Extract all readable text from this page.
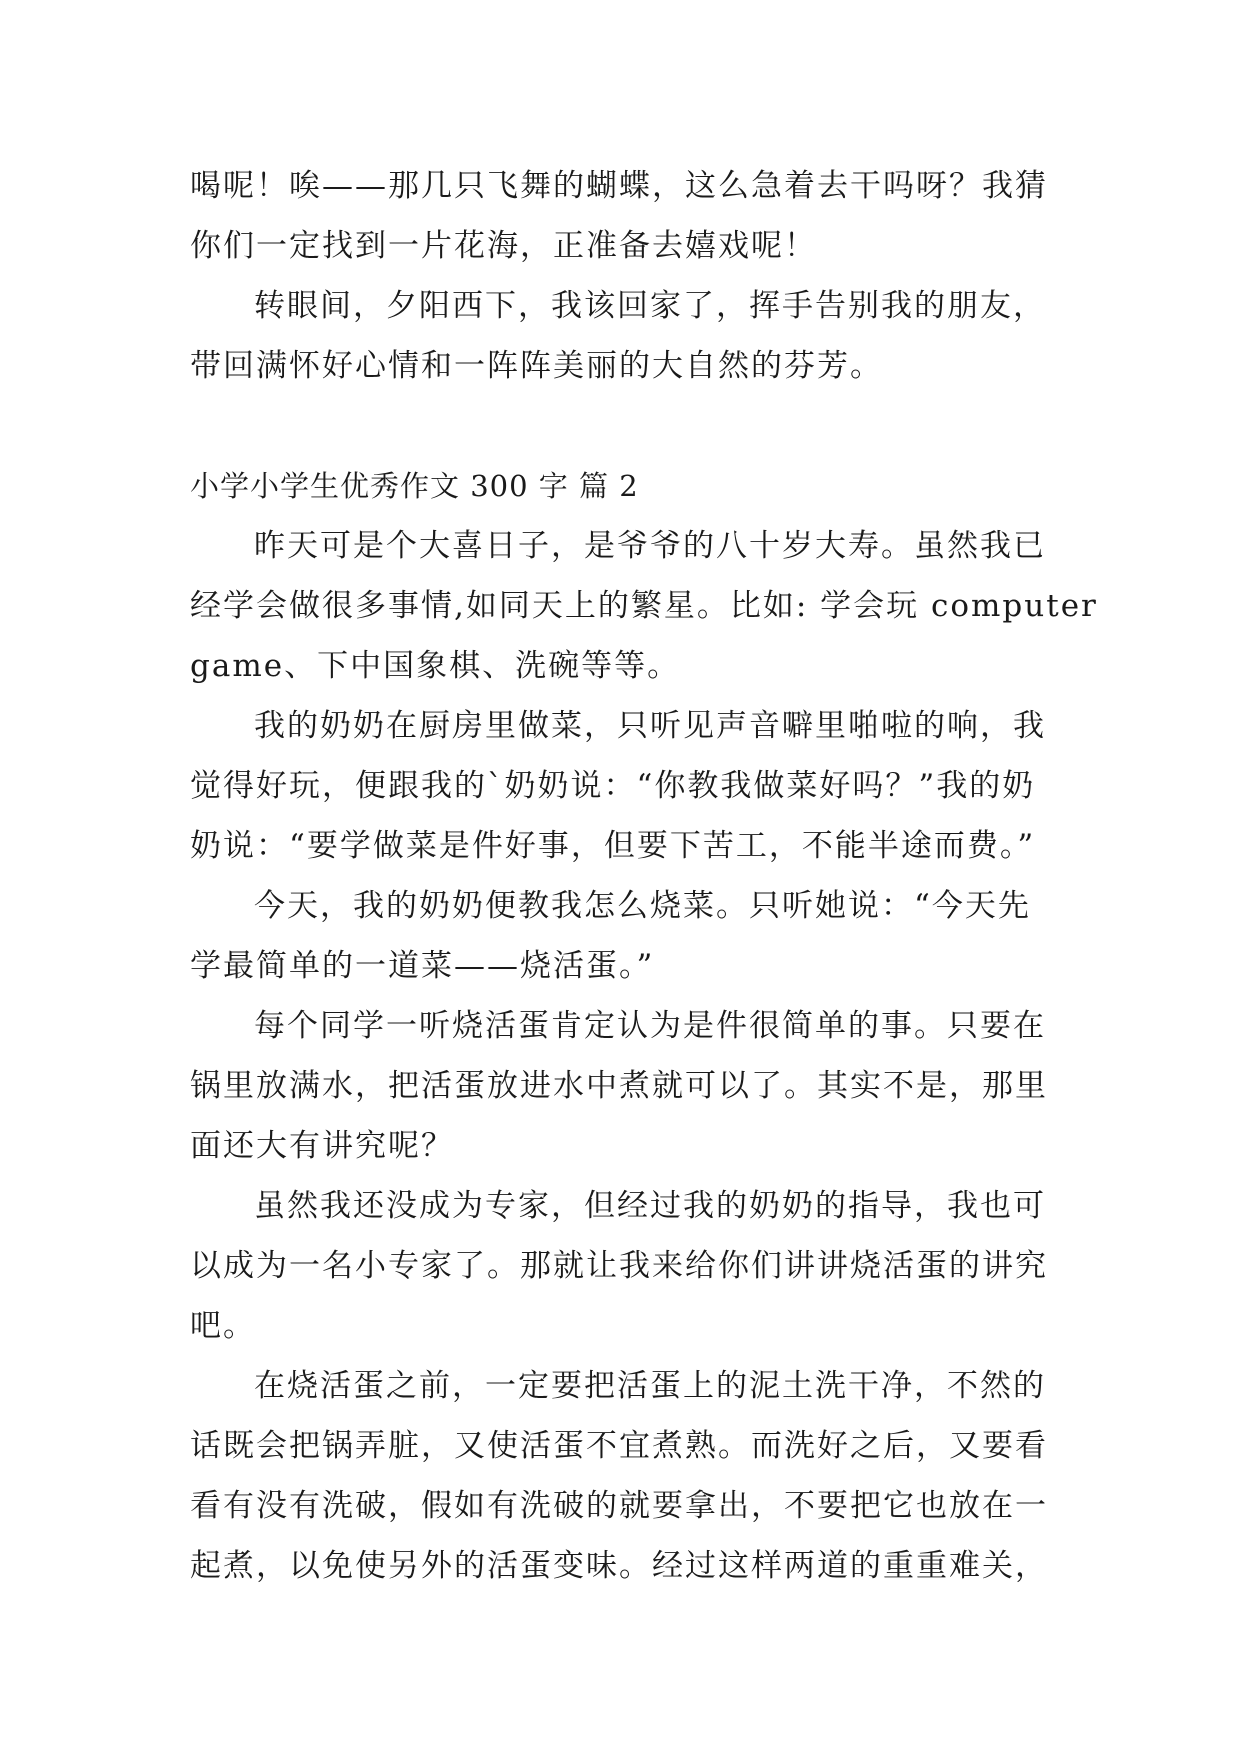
喝呢！唉——那几只飞舞的蝴蝶，这么急着去干吗呀？我猜
你们一定找到一片花海，正准备去嬉戏呢！
转眼间，夕阳西下，我该回家了，挥手告别我的朋友，
带回满怀好心情和一阵阵美丽的大自然的芬芳。
小学小学生优秀作文 300 字 篇 2
昨天可是个大喜日子，是爷爷的八十岁大寿。虽然我已
经学会做很多事情,如同天上的繁星。比如: 学会玩 computer
game、下中国象棋、洗碗等等。
我的奶奶在厨房里做菜，只听见声音噼里啪啦的响，我
觉得好玩，便跟我的`奶奶说：“你教我做菜好吗？”我的奶
奶说：“要学做菜是件好事，但要下苦工，不能半途而费。”
今天，我的奶奶便教我怎么烧菜。只听她说：“今天先
学最简单的一道菜——烧活蛋。”
每个同学一听烧活蛋肯定认为是件很简单的事。只要在
锅里放满水，把活蛋放进水中煮就可以了。其实不是，那里
面还大有讲究呢？
虽然我还没成为专家，但经过我的奶奶的指导，我也可
以成为一名小专家了。那就让我来给你们讲讲烧活蛋的讲究
吧。
在烧活蛋之前，一定要把活蛋上的泥土洗干净，不然的
话既会把锅弄脏，又使活蛋不宜煮熟。而洗好之后，又要看
看有没有洗破，假如有洗破的就要拿出，不要把它也放在一
起煮，以免使另外的活蛋变味。经过这样两道的重重难关，
